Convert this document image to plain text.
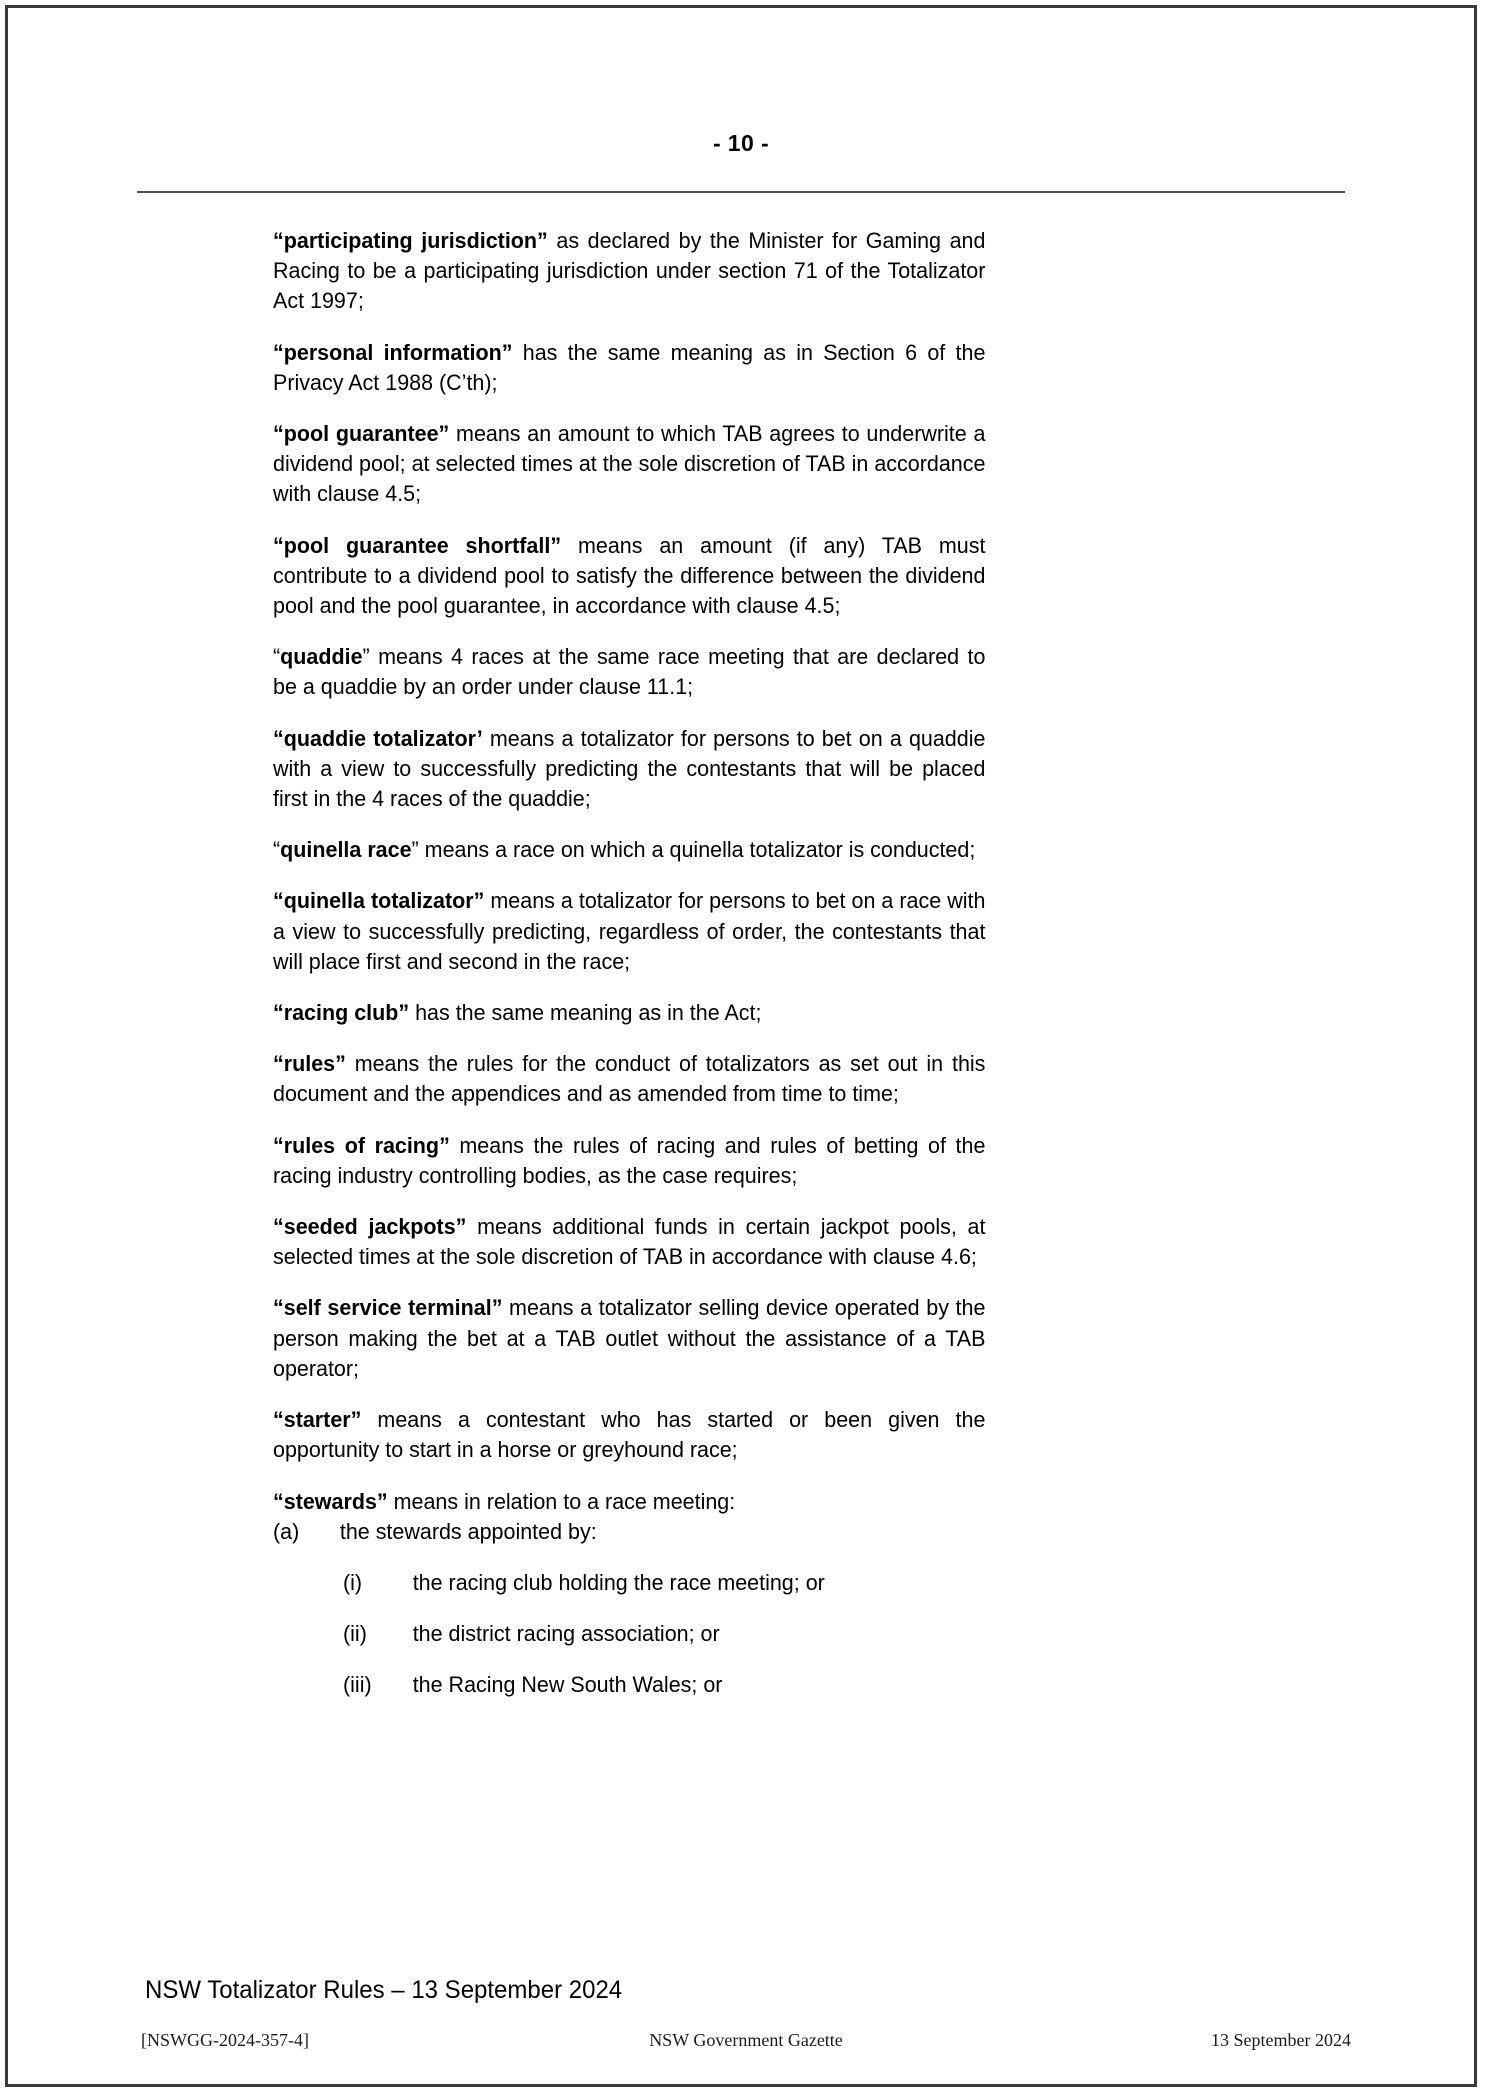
- 10 -

“participating jurisdiction” as declared by the Minister for Gaming and Racing to be a participating jurisdiction under section 71 of the Totalizator Act 1997;

“personal information” has the same meaning as in Section 6 of the Privacy Act 1988 (C’th);

“pool guarantee” means an amount to which TAB agrees to underwrite a dividend pool; at selected times at the sole discretion of TAB in accordance with clause 4.5;

“pool guarantee shortfall” means an amount (if any) TAB must contribute to a dividend pool to satisfy the difference between the dividend pool and the pool guarantee, in accordance with clause 4.5;

“quaddie” means 4 races at the same race meeting that are declared to be a quaddie by an order under clause 11.1;

“quaddie totalizator’ means a totalizator for persons to bet on a quaddie with a view to successfully predicting the contestants that will be placed first in the 4 races of the quaddie;

“quinella race” means a race on which a quinella totalizator is conducted;

“quinella totalizator” means a totalizator for persons to bet on a race with a view to successfully predicting, regardless of order, the contestants that will place first and second in the race;

“racing club” has the same meaning as in the Act;

“rules” means the rules for the conduct of totalizators as set out in this document and the appendices and as amended from time to time;

“rules of racing” means the rules of racing and rules of betting of the racing industry controlling bodies, as the case requires;

“seeded jackpots” means additional funds in certain jackpot pools, at selected times at the sole discretion of TAB in accordance with clause 4.6;

“self service terminal” means a totalizator selling device operated by the person making the bet at a TAB outlet without the assistance of a TAB operator;

“starter” means a contestant who has started or been given the opportunity to start in a horse or greyhound race;

“stewards” means in relation to a race meeting:

(a) the stewards appointed by:
(i) the racing club holding the race meeting; or
(ii) the district racing association; or
(iii) the Racing New South Wales; or
NSW Totalizator Rules – 13 September 2024
[NSWGG-2024-357-4]	NSW Government Gazette	13 September 2024
